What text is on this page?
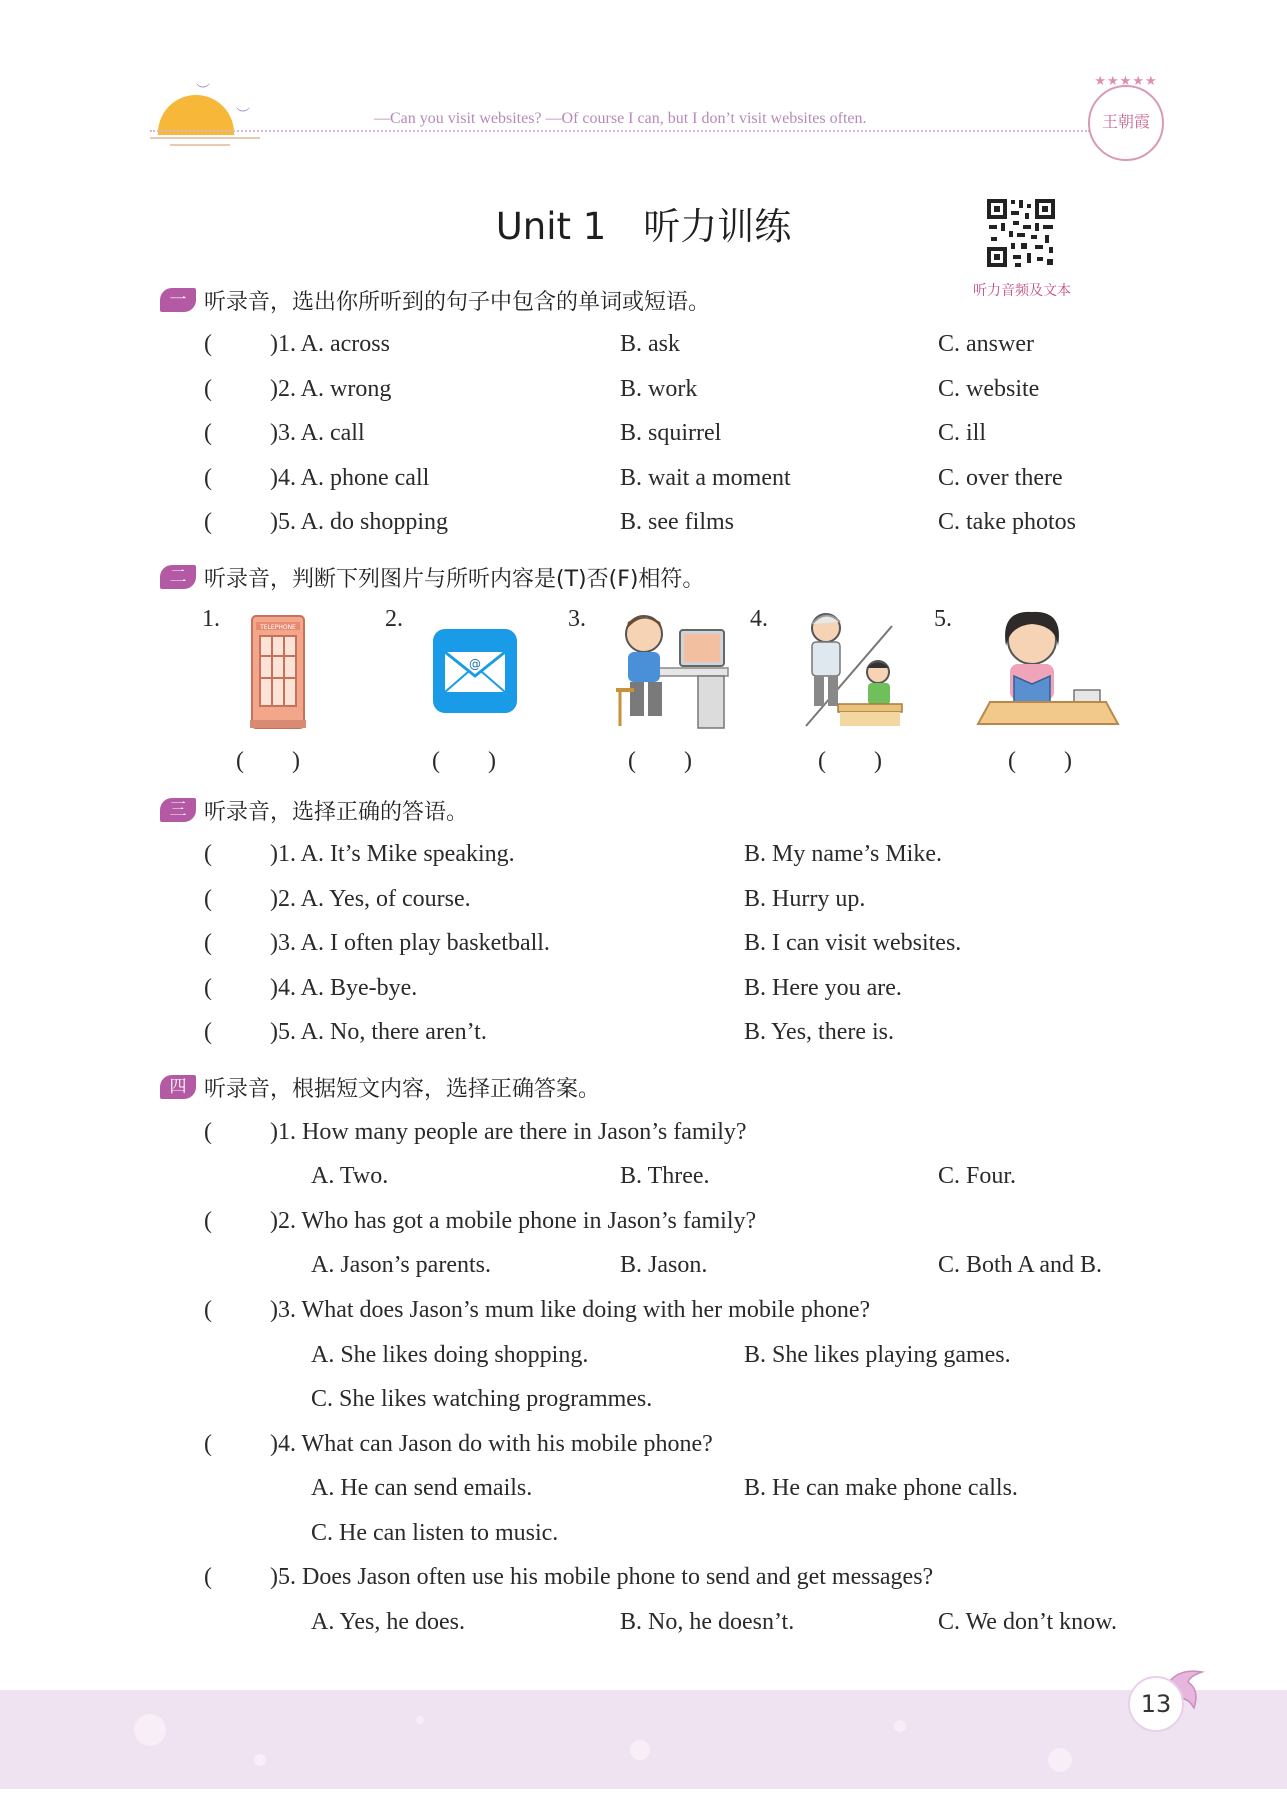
︶
︶	—Can you visit websites? —Of course I can, but I don’t visit websites often.
★★★★★
王朝霞
Unit 1　听力训练
听力音频及文本
一 听录音，选出你所听到的句子中包含的单词或短语。
( )1. A. across	B. ask	C. answer
( )2. A. wrong	B. work	C. website
( )3. A. call	B. squirrel	C. ill
( )4. A. phone call	B. wait a moment	C. over there
( )5. A. do shopping	B. see films	C. take photos
二 听录音，判断下列图片与所听内容是(T)否(F)相符。
1.	2.	3.	4.	5.
TELEPHONE
@
(　　)	(　　)	(　　)	(　　)	(　　)
三 听录音，选择正确的答语。
( )1. A. It’s Mike speaking.	B. My name’s Mike.
( )2. A. Yes, of course.	B. Hurry up.
( )3. A. I often play basketball.	B. I can visit websites.
( )4. A. Bye-bye.	B. Here you are.
( )5. A. No, there aren’t.	B. Yes, there is.
四 听录音，根据短文内容，选择正确答案。
( )1. How many people are there in Jason’s family?
A. Two.	B. Three.	C. Four.
( )2. Who has got a mobile phone in Jason’s family?
A. Jason’s parents.	B. Jason.	C. Both A and B.
( )3. What does Jason’s mum like doing with her mobile phone?
A. She likes doing shopping.	B. She likes playing games.
C. She likes watching programmes.
( )4. What can Jason do with his mobile phone?
A. He can send emails.	B. He can make phone calls.
C. He can listen to music.
( )5. Does Jason often use his mobile phone to send and get messages?
A. Yes, he does.	B. No, he doesn’t.	C. We don’t know.
13
